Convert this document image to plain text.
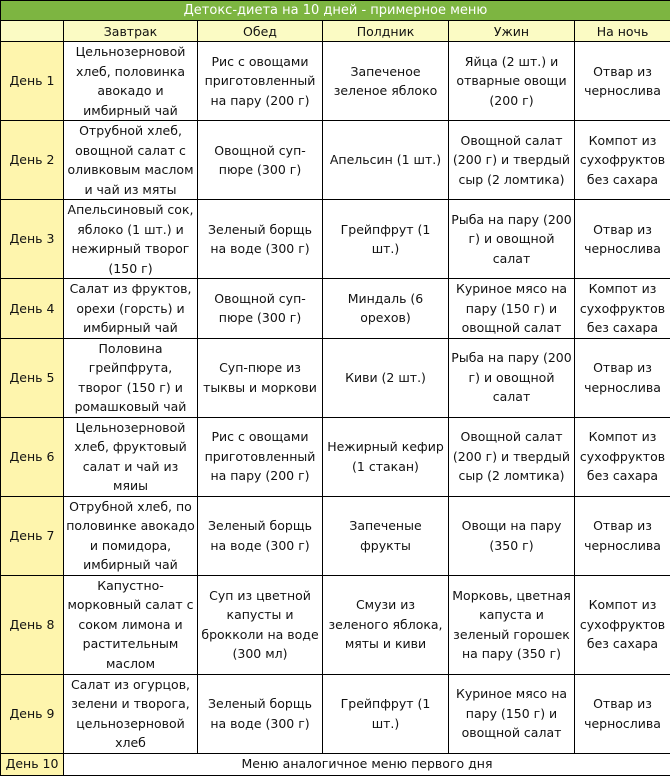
Детокс-диета на 10 дней - примерное меню					
	Завтрак	Обед	Полдник	Ужин	На ночь
День 1	Цельнозерновой хлеб, половинка авокадо и имбирный чай	Рис с овощами приготовленный на пару (200 г)	Запеченое зеленое яблоко	Яйца (2 шт.) и отварные овощи (200 г)	Отвар из чернослива
День 2	Отрубной хлеб, овощной салат с оливковым маслом и чай из мяты	Овощной суп-пюре (300 г)	Апельсин (1 шт.)	Овощной салат (200 г) и твердый сыр (2 ломтика)	Компот из сухофруктов без сахара
День 3	Апельсиновый сок, яблоко (1 шт.) и нежирный творог (150 г)	Зеленый борщь на воде (300 г)	Грейпфрут (1 шт.)	Рыба на пару (200 г) и овощной салат	Отвар из чернослива
День 4	Салат из фруктов, орехи (горсть) и имбирный чай	Овощной суп-пюре (300 г)	Миндаль (6 орехов)	Куриное мясо на пару (150 г) и овощной салат	Компот из сухофруктов без сахара
День 5	Половина грейпфрута, творог (150 г) и ромашковый чай	Суп-пюре из тыквы и моркови	Киви (2 шт.)	Рыба на пару (200 г) и овощной салат	Отвар из чернослива
День 6	Цельнозерновой хлеб, фруктовый салат и чай из мяиы	Рис с овощами приготовленный на пару (200 г)	Нежирный кефир (1 стакан)	Овощной салат (200 г) и твердый сыр (2 ломтика)	Компот из сухофруктов без сахара
День 7	Отрубной хлеб, по половинке авокадо и помидора, имбирный чай	Зеленый борщь на воде (300 г)	Запеченые фрукты	Овощи на пару (350 г)	Отвар из чернослива
День 8	Капустно-морковный салат с соком лимона и растительным маслом	Суп из цветной капусты и брокколи на воде (300 мл)	Смузи из зеленого яблока, мяты и киви	Морковь, цветная капуста и зеленый горошек на пару (350 г)	Компот из сухофруктов без сахара
День 9	Салат из огурцов, зелени и творога, цельнозерновой хлеб	Зеленый борщь на воде (300 г)	Грейпфрут (1 шт.)	Куриное мясо на пару (150 г) и овощной салат	Отвар из чернослива
День 10	Меню аналогичное меню первого дня				
